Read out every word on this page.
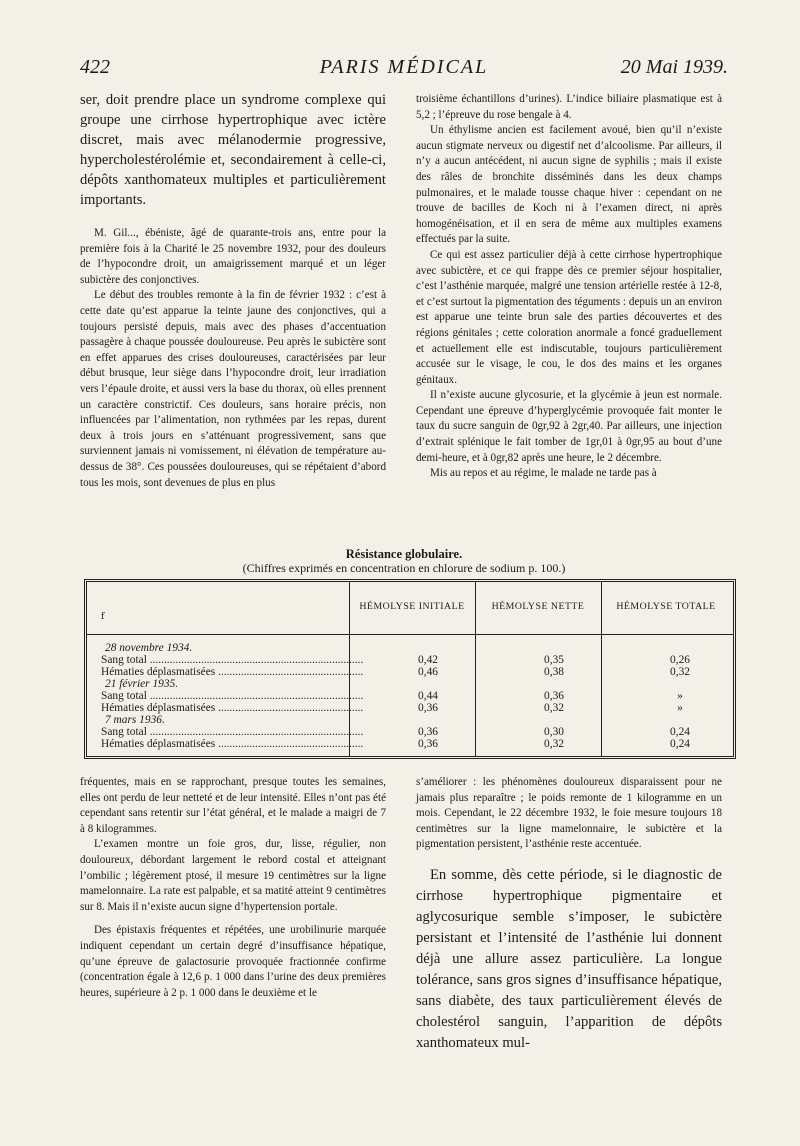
422	PARIS MÉDICAL	20 Mai 1939.

ser, doit prendre place un syndrome complexe qui groupe une cirrhose hypertrophique avec ictère discret, mais avec mélanodermie progressive, hypercholestérolémie et, secondairement à celle-ci, dépôts xanthomateux multiples et particulièrement importants.

M. Gil..., ébéniste, âgé de quarante-trois ans, entre pour la première fois à la Charité le 25 novembre 1932, pour des douleurs de l’hypocondre droit, un amaigrissement marqué et un léger subictère des conjonctives.

Le début des troubles remonte à la fin de février 1932 : c’est à cette date qu’est apparue la teinte jaune des conjonctives, qui a toujours persisté depuis, mais avec des phases d’accentuation passagère à chaque poussée douloureuse. Peu après le subictère sont en effet apparues des crises douloureuses, caractérisées par leur début brusque, leur siège dans l’hypocondre droit, leur irradiation vers l’épaule droite, et aussi vers la base du thorax, où elles prennent un caractère constrictif. Ces douleurs, sans horaire précis, non influencées par l’alimentation, non rythmées par les repas, durent deux à trois jours en s’atténuant progressivement, sans que surviennent jamais ni vomissement, ni élévation de température au-dessus de 38°. Ces poussées douloureuses, qui se répétaient d’abord tous les mois, sont devenues de plus en plus

troisième échantillons d’urines). L’indice biliaire plasmatique est à 5,2 ; l’épreuve du rose bengale à 4.

Un éthylisme ancien est facilement avoué, bien qu’il n’existe aucun stigmate nerveux ou digestif net d’alcoolisme. Par ailleurs, il n’y a aucun antécédent, ni aucun signe de syphilis ; mais il existe des râles de bronchite disséminés dans les deux champs pulmonaires, et le malade tousse chaque hiver : cependant on ne trouve de bacilles de Koch ni à l’examen direct, ni après homogénéisation, et il en sera de même aux multiples examens effectués par la suite.

Ce qui est assez particulier déjà à cette cirrhose hypertrophique avec subictère, et ce qui frappe dès ce premier séjour hospitalier, c’est l’asthénie marquée, malgré une tension artérielle restée à 12-8, et c’est surtout la pigmentation des téguments : depuis un an environ est apparue une teinte brun sale des parties découvertes et des régions génitales ; cette coloration anormale a foncé graduellement et actuellement elle est indiscutable, toujours particulièrement accusée sur le visage, le cou, le dos des mains et les organes génitaux.

Il n’existe aucune glycosurie, et la glycémie à jeun est normale. Cependant une épreuve d’hyperglycémie provoquée fait monter le taux du sucre sanguin de 0gr,92 à 2gr,40. Par ailleurs, une injection d’extrait splénique le fait tomber de 1gr,01 à 0gr,95 au bout d’une demi-heure, et à 0gr,82 après une heure, le 2 décembre.

Mis au repos et au régime, le malade ne tarde pas à

Résistance globulaire.
(Chiffres exprimés en concentration en chlorure de sodium p. 100.)
f
HÉMOLYSE INITIALE	HÉMOLYSE NETTE	HÉMOLYSE TOTALE
28 novembre 1934.
Sang total .....	0,42	0,35	0,26
Hématies déplasmatisées .....	0,46	0,38	0,32
21 février 1935.
Sang total .....	0,44	0,36	»
Hématies déplasmatisées .....	0,36	0,32	»
7 mars 1936.
Sang total .....	0,36	0,30	0,24
Hématies déplasmatisées .....	0,36	0,32	0,24

fréquentes, mais en se rapprochant, presque toutes les semaines, elles ont perdu de leur netteté et de leur intensité. Elles n’ont pas été cependant sans retentir sur l’état général, et le malade a maigri de 7 à 8 kilogrammes.

L’examen montre un foie gros, dur, lisse, régulier, non douloureux, débordant largement le rebord costal et atteignant l’ombilic ; légèrement ptosé, il mesure 19 centimètres sur la ligne mamelonnaire. La rate est palpable, et sa matité atteint 9 centimètres sur 8. Mais il n’existe aucun signe d’hypertension portale.

Des épistaxis fréquentes et répétées, une urobilinurie marquée indiquent cependant un certain degré d’insuffisance hépatique, qu’une épreuve de galactosurie provoquée fractionnée confirme (concentration égale à 12,6 p. 1 000 dans l’urine des deux premières heures, supérieure à 2 p. 1 000 dans le deuxième et le

s’améliorer : les phénomènes douloureux disparaissent pour ne jamais plus reparaître ; le poids remonte de 1 kilogramme en un mois. Cependant, le 22 décembre 1932, le foie mesure toujours 18 centimètres sur la ligne mamelonnaire, le subictère et la pigmentation persistent, l’asthénie reste accentuée.

En somme, dès cette période, si le diagnostic de cirrhose hypertrophique pigmentaire et aglycosurique semble s’imposer, le subictère persistant et l’intensité de l’asthénie lui donnent déjà une allure assez particulière. La longue tolérance, sans gros signes d’insuffisance hépatique, sans diabète, des taux particulièrement élevés de cholestérol sanguin, l’apparition de dépôts xanthomateux mul-
